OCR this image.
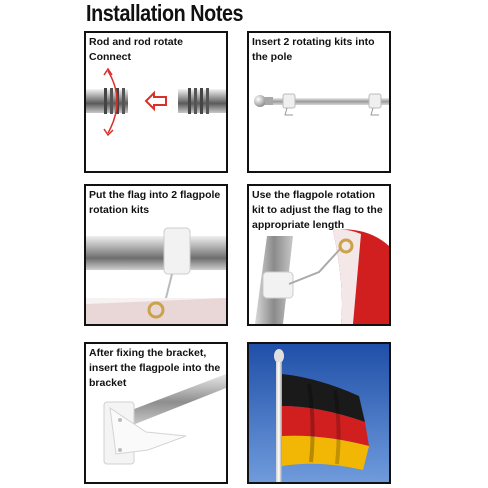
Installation Notes
Rod and rod rotate Connect
Insert 2 rotating kits into the pole
Put the flag into 2 flagpole rotation kits
Use the flagpole rotation kit to adjust the flag to the appropriate length
After fixing the bracket, insert the flagpole into the bracket
